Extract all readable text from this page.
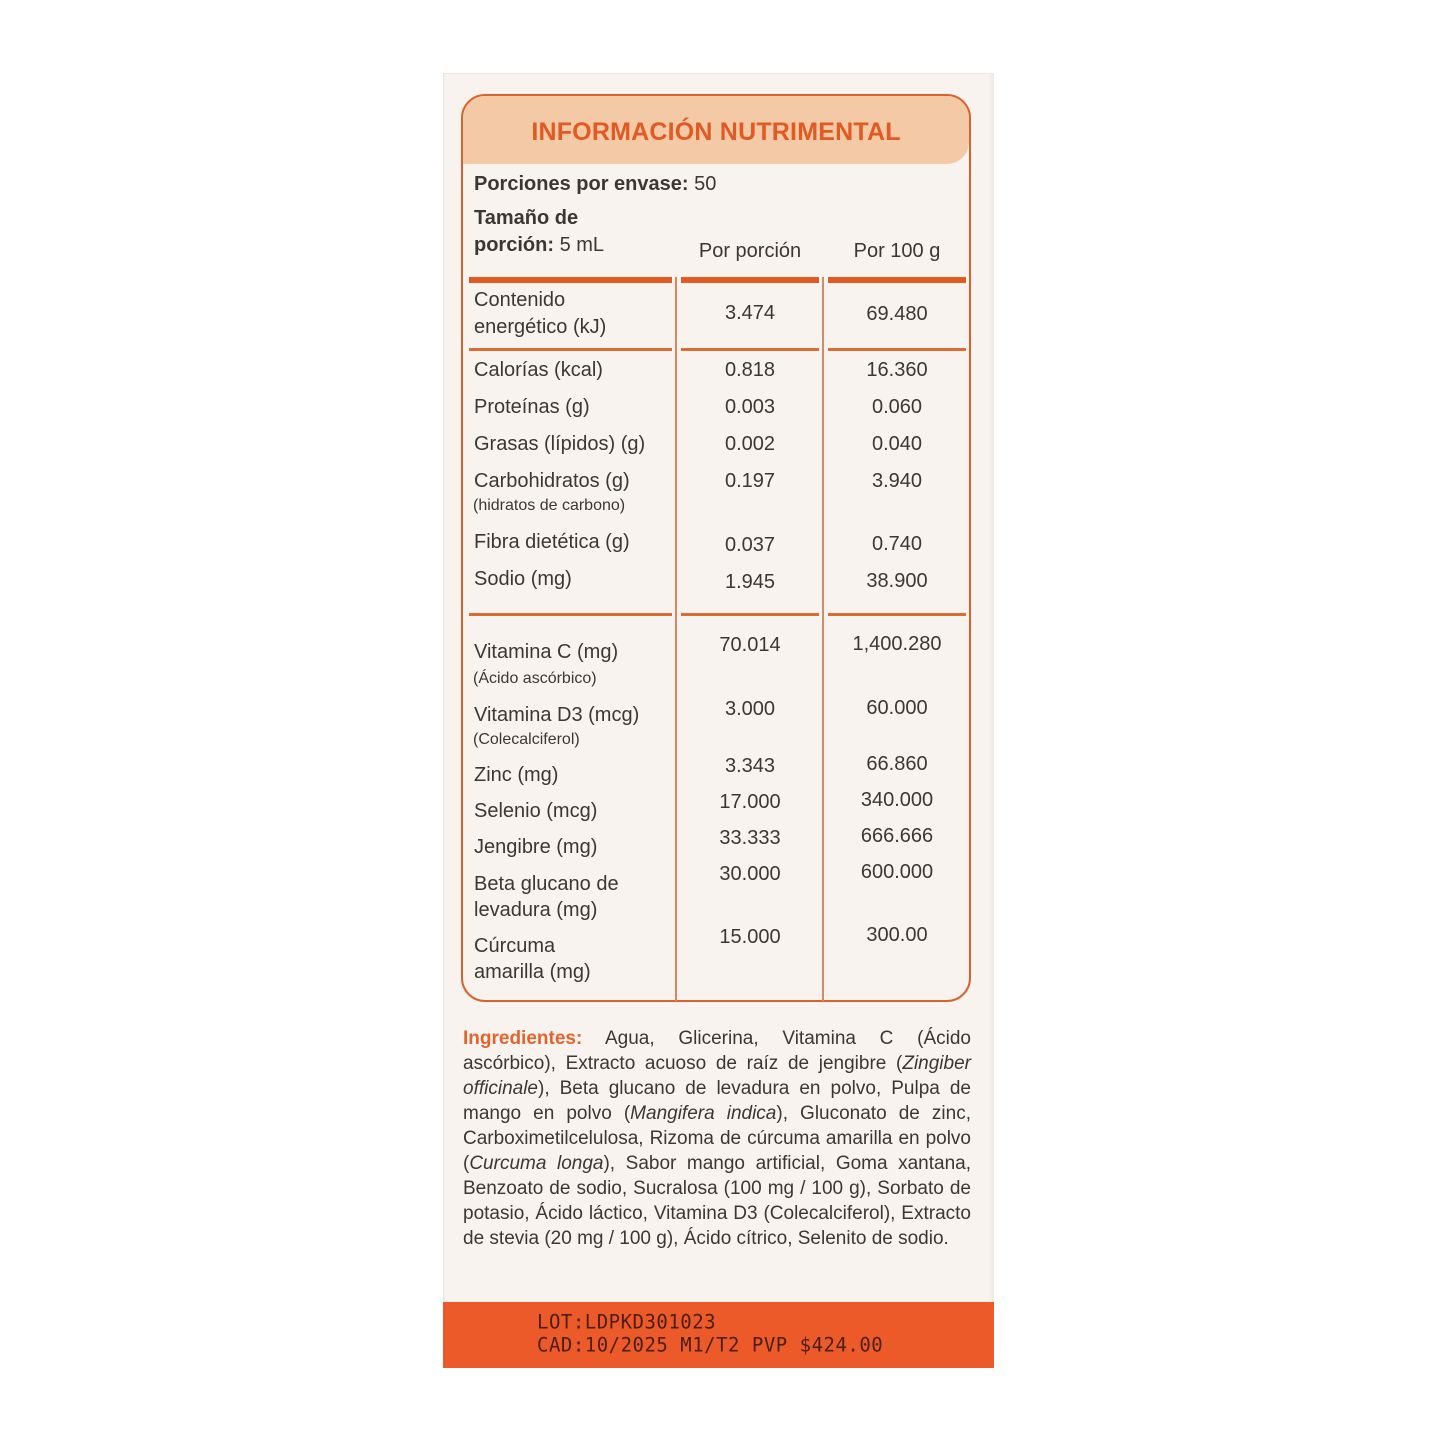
INFORMACIÓN NUTRIMENTAL
Porciones por envase: 50
Tamaño de
porción: 5 mL	Por porción	Por 100 g
Contenido
energético (kJ)
3.474	69.480
Calorías (kcal)	0.818	16.360
Proteínas (g)	0.003	0.060
Grasas (lípidos) (g)	0.002	0.040
Carbohidratos (g)
(hidratos de carbono)
0.197	3.940
Fibra dietética (g)	0.037	0.740
Sodio (mg)	1.945	38.900
Vitamina C (mg)
(Ácido ascórbico)
70.014	1,400.280
Vitamina D3 (mcg)
(Colecalciferol)
3.000	60.000
Zinc (mg)	3.343	66.860
Selenio (mcg)	17.000	340.000
Jengibre (mg)	33.333	666.666
Beta glucano de
levadura (mg)
30.000	600.000
Cúrcuma
amarilla (mg)
15.000	300.00
Ingredientes: Agua, Glicerina, Vitamina C (Ácido ascórbico), Extracto acuoso de raíz de jengibre (Zingiber officinale), Beta glucano de levadura en polvo, Pulpa de mango en polvo (Mangifera indica), Gluconato de zinc, Carboximetilcelulosa, Rizoma de cúrcuma amarilla en polvo (Curcuma longa), Sabor mango artificial, Goma xantana, Benzoato de sodio, Sucralosa (100 mg / 100 g), Sorbato de potasio, Ácido láctico, Vitamina D3 (Colecalciferol), Extracto de stevia (20 mg / 100 g), Ácido cítrico, Selenito de sodio.
LOT:LDPKD301023
CAD:10/2025 M1/T2 PVP $424.00
